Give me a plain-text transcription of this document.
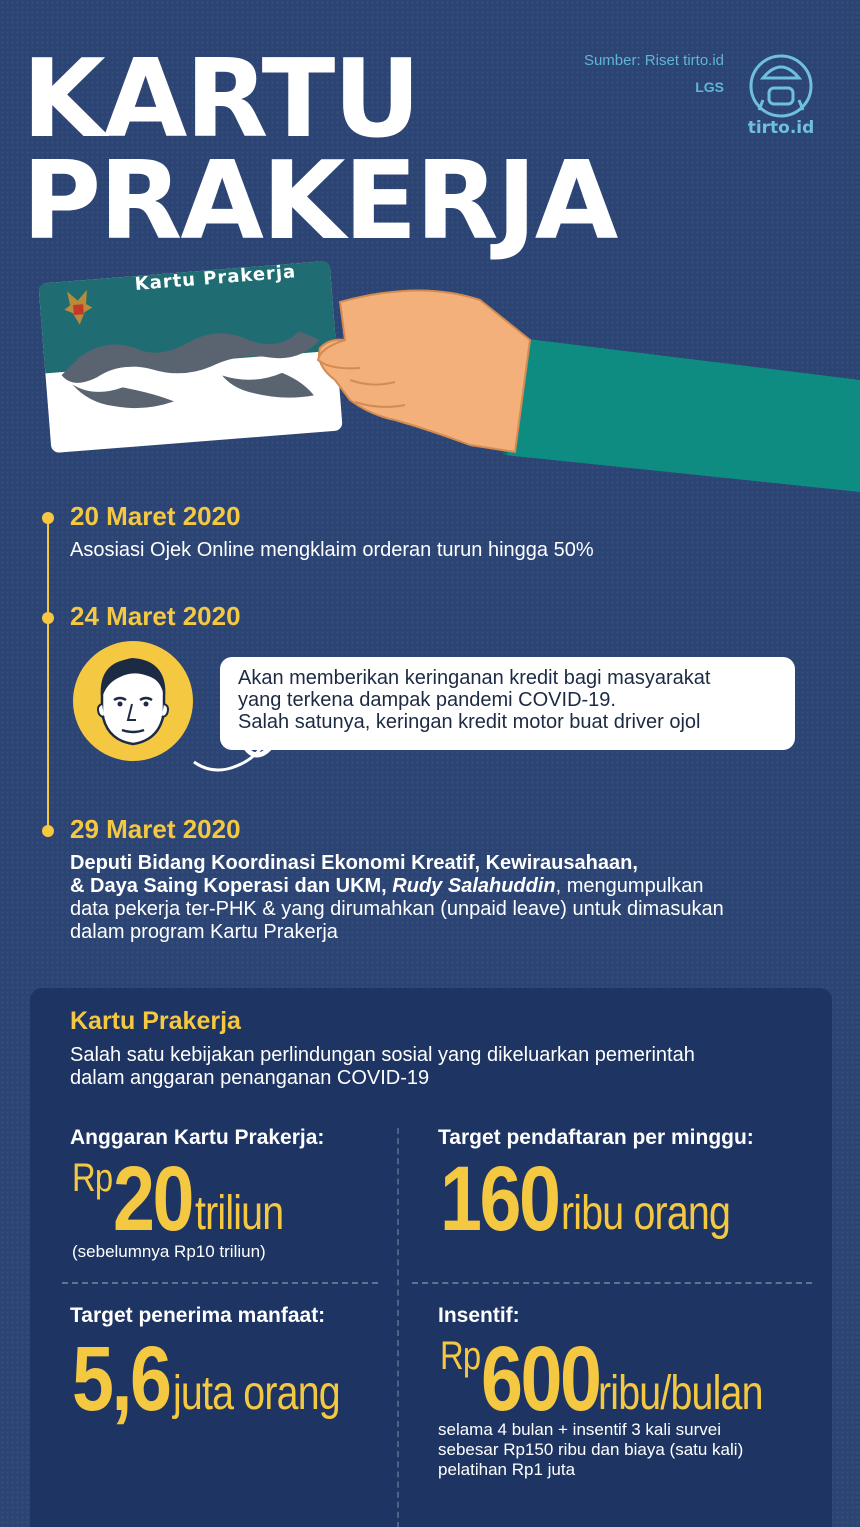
KARTU
PRAKERJA
Sumber: Riset tirto.id
LGS
tirto.id
Kartu Prakerja
20 Maret 2020
Asosiasi Ojek Online mengklaim orderan turun hingga 50%
24 Maret 2020
Akan memberikan keringanan kredit bagi masyarakat
yang terkena dampak pandemi COVID-19.
Salah satunya, keringan kredit motor buat driver ojol
29 Maret 2020
Deputi Bidang Koordinasi Ekonomi Kreatif, Kewirausahaan,
& Daya Saing Koperasi dan UKM, Rudy Salahuddin, mengumpulkan
data pekerja ter-PHK & yang dirumahkan (unpaid leave) untuk dimasukan
dalam program Kartu Prakerja
Kartu Prakerja
Salah satu kebijakan perlindungan sosial yang dikeluarkan pemerintah
dalam anggaran penanganan COVID-19
Anggaran Kartu Prakerja:
Rp 20 triliun
(sebelumnya Rp10 triliun)
Target pendaftaran per minggu:
160 ribu orang
Target penerima manfaat:
5,6 juta orang
Insentif:
Rp 600
ribu/bulan
selama 4 bulan + insentif 3 kali survei
sebesar Rp150 ribu dan biaya (satu kali)
pelatihan Rp1 juta
